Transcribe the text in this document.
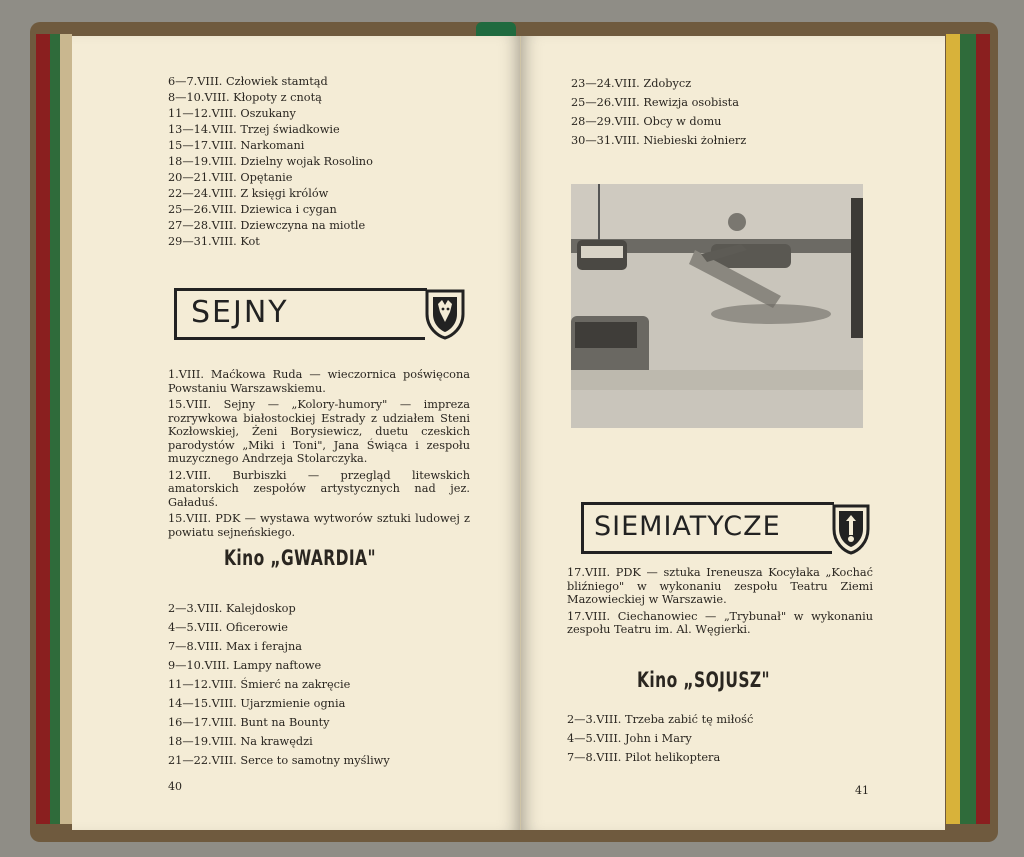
6—7.VIII. Człowiek stamtąd
8—10.VIII. Kłopoty z cnotą
11—12.VIII. Oszukany
13—14.VIII. Trzej świadkowie
15—17.VIII. Narkomani
18—19.VIII. Dzielny wojak Rosolino
20—21.VIII. Opętanie
22—24.VIII. Z księgi królów
25—26.VIII. Dziewica i cygan
27—28.VIII. Dziewczyna na miotle
29—31.VIII. Kot
SEJNY

1.VIII. Maćkowa Ruda — wieczornica poświęcona Powstaniu Warszawskiemu.

15.VIII. Sejny — „Kolory-humory" — impreza rozrywkowa białostockiej Estrady z udziałem Steni Kozłowskiej, Żeni Borysiewicz, duetu czeskich parodystów „Miki i Toni", Jana Świąca i zespołu muzycznego Andrzeja Stolarczyka.

12.VIII. Burbiszki — przegląd litewskich amatorskich zespołów artystycznych nad jez. Gaładuś.

15.VIII. PDK — wystawa wytworów sztuki ludowej z powiatu sejneńskiego.

Kino „GWARDIA"
2—3.VIII. Kalejdoskop
4—5.VIII. Oficerowie
7—8.VIII. Max i ferajna
9—10.VIII. Lampy naftowe
11—12.VIII. Śmierć na zakręcie
14—15.VIII. Ujarzmienie ognia
16—17.VIII. Bunt na Bounty
18—19.VIII. Na krawędzi
21—22.VIII. Serce to samotny myśliwy
40
23—24.VIII. Zdobycz
25—26.VIII. Rewizja osobista
28—29.VIII. Obcy w domu
30—31.VIII. Niebieski żołnierz
SIEMIATYCZE

17.VIII. PDK — sztuka Ireneusza Kocyłaka „Kochać bliźniego" w wykonaniu zespołu Teatru Ziemi Mazowieckiej w Warszawie.

17.VIII. Ciechanowiec — „Trybunał" w wykonaniu zespołu Teatru im. Al. Węgierki.

Kino „SOJUSZ"
2—3.VIII. Trzeba zabić tę miłość
4—5.VIII. John i Mary
7—8.VIII. Pilot helikoptera
41
